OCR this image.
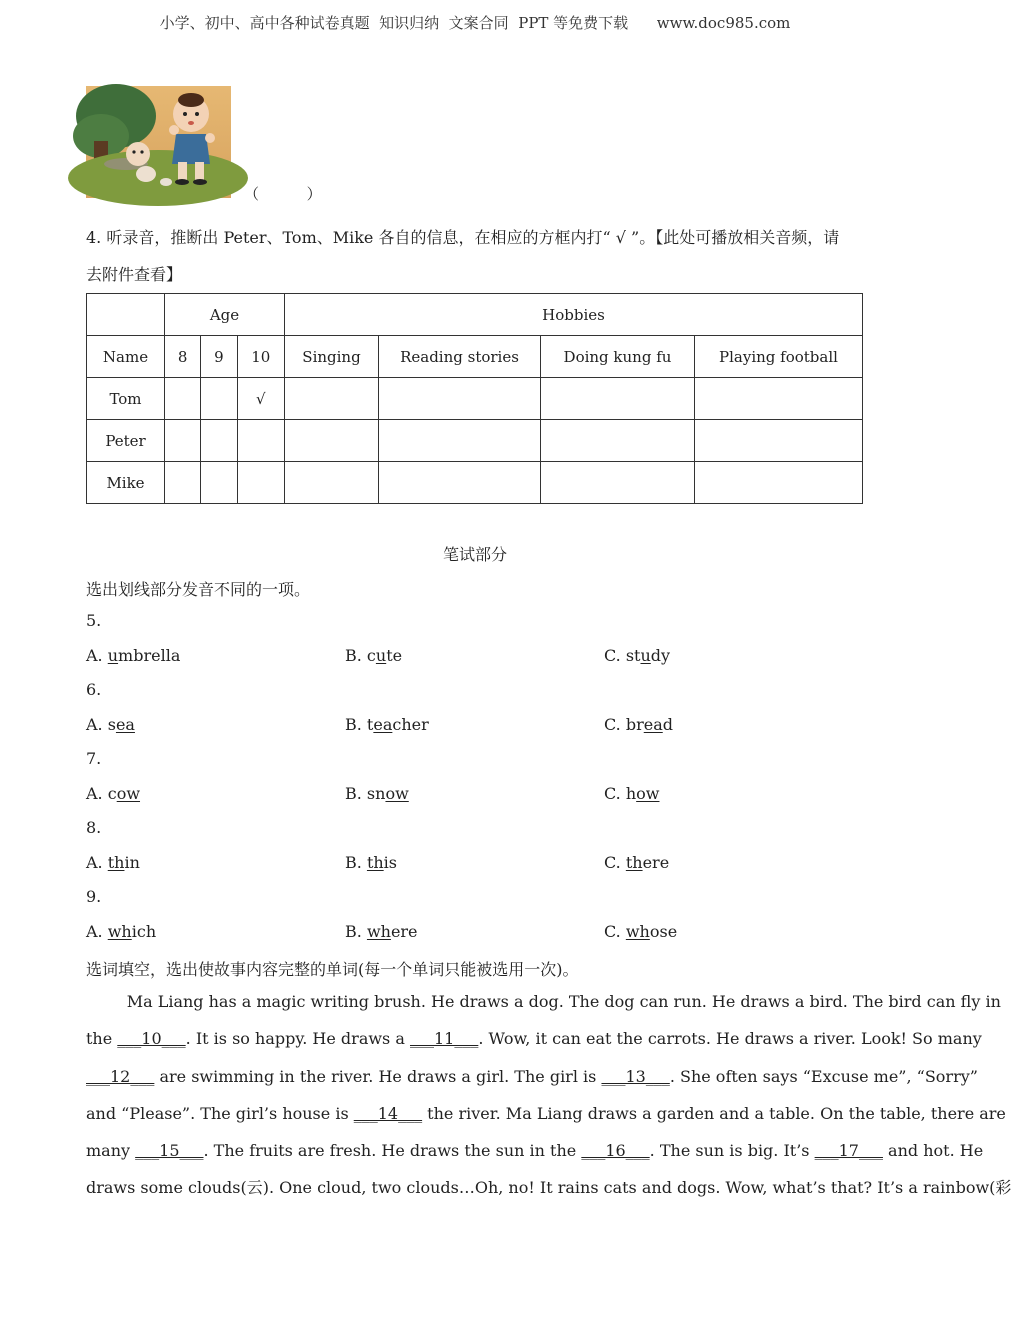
小学、初中、高中各种试卷真题  知识归纳  文案合同  PPT 等免费下载      www.doc985.com
（          ）
4. 听录音，推断出 Peter、Tom、Mike 各自的信息，在相应的方框内打“ √ ”。【此处可播放相关音频，请
去附件查看】
	Age			Hobbies			
Name	8	9	10	Singing	Reading stories	Doing kung fu	Playing football
Tom			√				
Peter							
Mike							
笔试部分
选出划线部分发音不同的一项。
5.
A. umbrella	B. cute	C. study
6.
A. sea	B. teacher	C. bread
7.
A. cow	B. snow	C. how
8.
A. thin	B. this	C. there
9.
A. which	B. where	C. whose
选词填空，选出使故事内容完整的单词(每一个单词只能被选用一次)。

Ma Liang has a magic writing brush. He draws a dog. The dog can run. He draws a bird. The bird can fly in

the ___10___. It is so happy. He draws a ___11___. Wow, it can eat the carrots. He draws a river. Look! So many

___12___ are swimming in the river. He draws a girl. The girl is ___13___. She often says “Excuse me”, “Sorry”

and “Please”. The girl’s house is ___14___ the river. Ma Liang draws a garden and a table. On the table, there are

many ___15___. The fruits are fresh. He draws the sun in the ___16___. The sun is big. It’s ___17___ and hot. He

draws some clouds(云). One cloud, two clouds…Oh, no! It rains cats and dogs. Wow, what’s that? It’s a rainbow(彩
